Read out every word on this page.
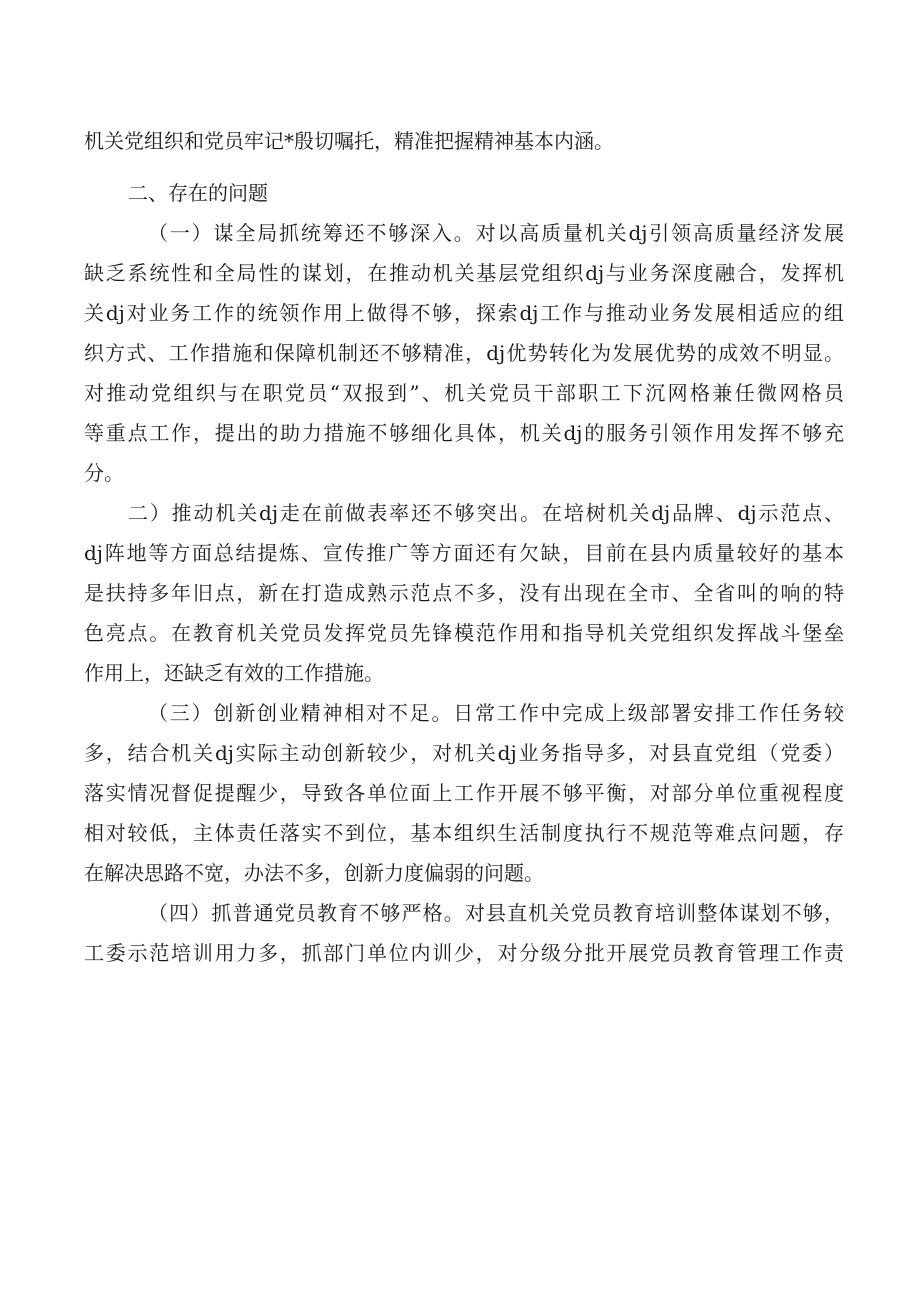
机关党组织和党员牢记*殷切嘱托，精准把握精神基本内涵。
二、存在的问题
（一）谋全局抓统筹还不够深入。对以高质量机关dj引领高质量经济发展
缺乏系统性和全局性的谋划，在推动机关基层党组织dj与业务深度融合，发挥机
关dj对业务工作的统领作用上做得不够，探索dj工作与推动业务发展相适应的组
织方式、工作措施和保障机制还不够精准，dj优势转化为发展优势的成效不明显。
对推动党组织与在职党员“双报到”、机关党员干部职工下沉网格兼任微网格员
等重点工作，提出的助力措施不够细化具体，机关dj的服务引领作用发挥不够充
分。
二）推动机关dj走在前做表率还不够突出。在培树机关dj品牌、dj示范点、
dj阵地等方面总结提炼、宣传推广等方面还有欠缺，目前在县内质量较好的基本
是扶持多年旧点，新在打造成熟示范点不多，没有出现在全市、全省叫的响的特
色亮点。在教育机关党员发挥党员先锋模范作用和指导机关党组织发挥战斗堡垒
作用上，还缺乏有效的工作措施。
（三）创新创业精神相对不足。日常工作中完成上级部署安排工作任务较
多，结合机关dj实际主动创新较少，对机关dj业务指导多，对县直党组（党委）
落实情况督促提醒少，导致各单位面上工作开展不够平衡，对部分单位重视程度
相对较低，主体责任落实不到位，基本组织生活制度执行不规范等难点问题，存
在解决思路不宽，办法不多，创新力度偏弱的问题。
（四）抓普通党员教育不够严格。对县直机关党员教育培训整体谋划不够，
工委示范培训用力多，抓部门单位内训少，对分级分批开展党员教育管理工作责
